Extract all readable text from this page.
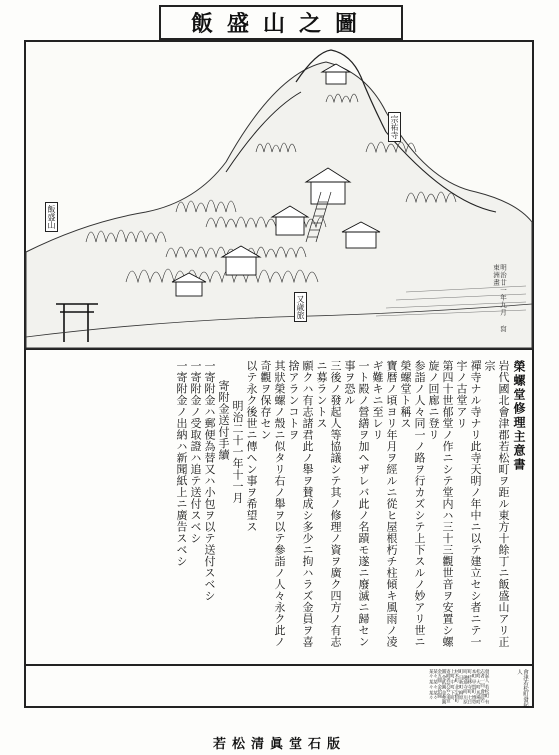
飯盛山之圖
飯盛山
宗祐寺
又歳旅	明治廿一年九月 寫 東洲畫
榮螺堂修理主意書

岩代國北會津郡若松町ヲ距ル東方十餘丁ニ飯盛山アリ正宗

禪寺ナル寺ナリ此寺天明ノ年中ニ以テ建立セシ者ニテ一宇ノ古堂アリ

第四十世郁堂ノ作ニシテ堂内ハ三十三觀世音ヲ安置シ螺旋ノ回廊ニ登リ

参詣ノ人々同一ノ路ヲ行カズシテ上下スルノ妙アリ世ニ榮螺堂ト稱ス

寶暦ノ頃ヨリ年月ヲ經ルニ從ヒ屋根朽チ柱傾キ風雨ノ凌ギ難キニ至レリ

一ト殿ノ營繕ヲ加ヘザレバ此ノ名蹟モ遂ニ廢滅ニ歸セン事ヲ恐ル

三後ノ發起人等協議シテ其ノ修理ノ資ヲ廣ク四方ノ有志ニ募ラントス

願クハ有志諸君此ノ舉ヲ賛成シ多少ニ拘ハラズ金員ヲ喜捨アランコトヲ

其狀榮螺ノ殼ニ似タリ右ノ舉ヲ以テ參詣ノ人々永ク此ノ奇觀ヲ保存セン

以テ永ク後世ニ傳ヘン事ヲ希望ス

明治二十一年十一月

寄附金送付手續

一寄附金ハ郵便為替又ハ小包ヲ以テ送付スベシ

一寄附金ノ受取證ハ追テ送付スベシ

一寄附金ノ出納ハ新聞紙上ニ廣告スベシ

發起人 若松町 有志者一同 會津若松町 大町 馬場町 本町 甲賀町 博勞町 桂林寺町 七日町 融通寺町 川原町 日新町 柳原 材木町 北小路町 上町 中町 下町 寄附者芳名 金壹圓 金貳圓 金參圓 金五圓 金拾圓 某々 某々 某々 某々 某々 某々	會津若松町發起人
若松清眞堂石版
